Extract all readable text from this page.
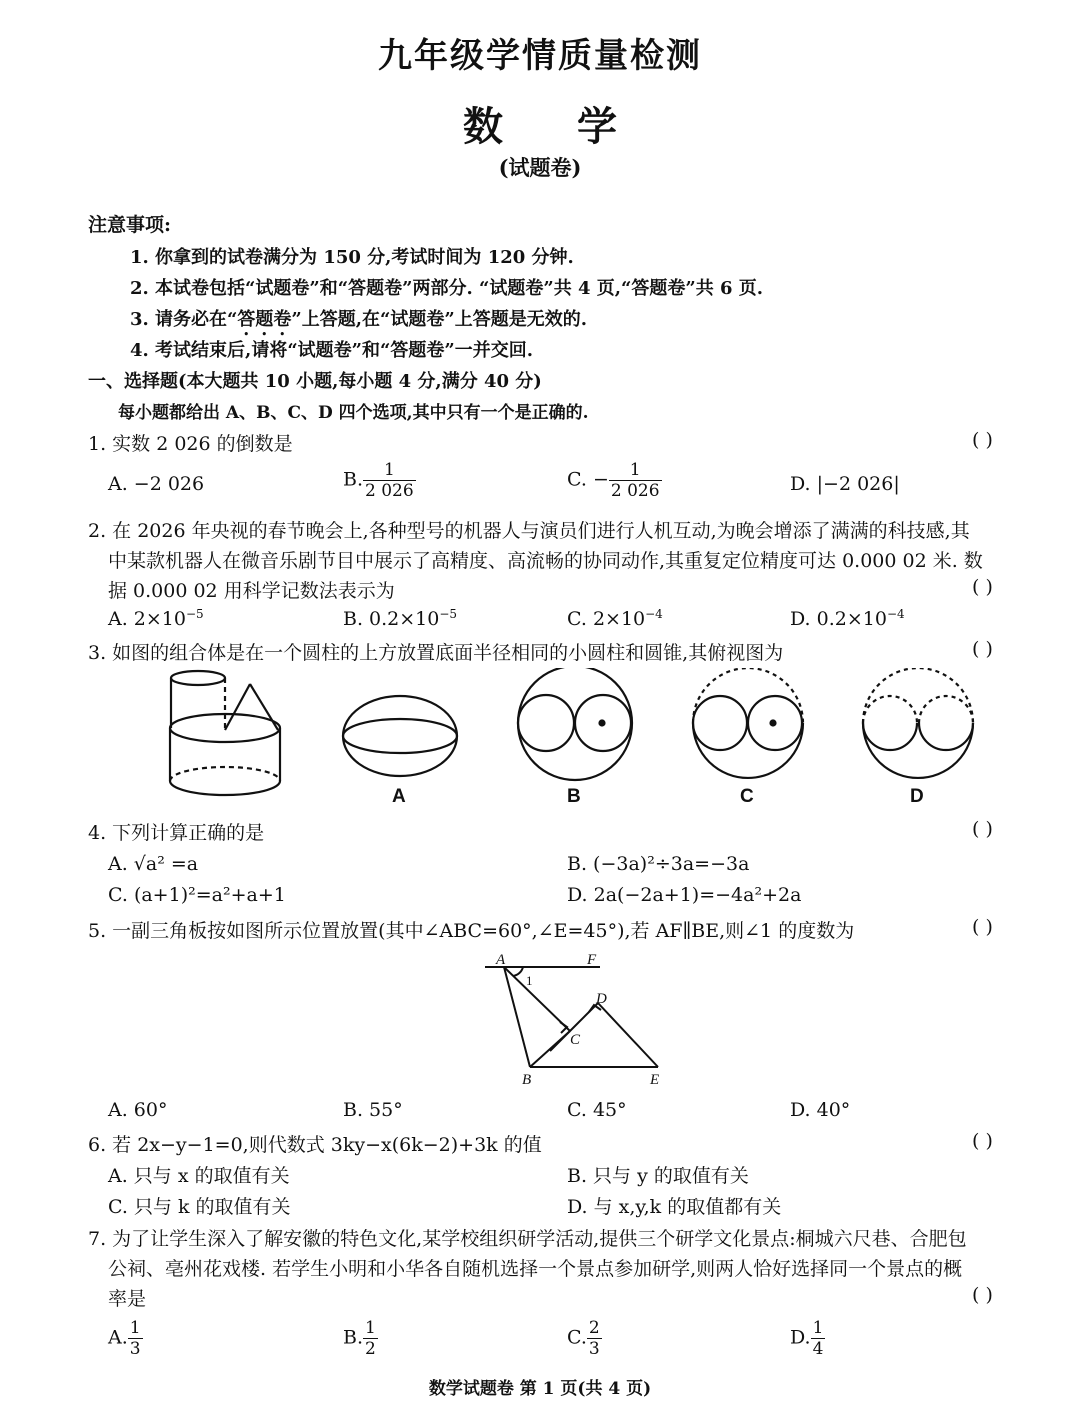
九年级学情质量检测
数 学
(试题卷)
注意事项:
1. 你拿到的试卷满分为 150 分,考试时间为 120 分钟.
2. 本试卷包括“试题卷”和“答题卷”两部分. “试题卷”共 4 页,“答题卷”共 6 页.
3. 请务必在“答题卷”上答题,在“试题卷”上答题是无效的.
4. 考试结束后,请将“试题卷”和“答题卷”一并交回.
一、选择题(本大题共 10 小题,每小题 4 分,满分 40 分)
每小题都给出 A、B、C、D 四个选项,其中只有一个是正确的.
1. 实数 2 026 的倒数是	( )
A. −2 026	B. $\frac{1}{2 026}$	C. − $\frac{1}{2 026}$	D. |−2 026|
2. 在 2026 年央视的春节晚会上,各种型号的机器人与演员们进行人机互动,为晚会增添了满满的科技感,其
中某款机器人在微音乐剧节目中展示了高精度、高流畅的协同动作,其重复定位精度可达 0.000 02 米. 数
据 0.000 02 用科学记数法表示为	( )
A. $2\times 10^{-5}$	B. $0.2\times 10^{-5}$	C. $2\times 10^{-4}$	D. $0.2\times 10^{-4}$
3. 如图的组合体是在一个圆柱的上方放置底面半径相同的小圆柱和圆锥,其俯视图为	( )
A	B	C	D
4. 下列计算正确的是	( )
A. √a² =a	B. (−3a)²÷3a=−3a
C. (a+1)²=a²+a+1	D. 2a(−2a+1)=−4a²+2a
5. 一副三角板按如图所示位置放置(其中∠ABC=60°,∠E=45°),若 AF∥BE,则∠1 的度数为	( )
A	F
1
D
C
B	E
A. 60°	B. 55°	C. 45°	D. 40°
6. 若 2x−y−1=0,则代数式 3ky−x(6k−2)+3k 的值	( )
A. 只与 x 的取值有关	B. 只与 y 的取值有关
C. 只与 k 的取值有关	D. 与 x,y,k 的取值都有关
7. 为了让学生深入了解安徽的特色文化,某学校组织研学活动,提供三个研学文化景点:桐城六尺巷、合肥包
公祠、亳州花戏楼. 若学生小明和小华各自随机选择一个景点参加研学,则两人恰好选择同一个景点的概
率是	( )
A. $\frac{1}{3}$	B. $\frac{1}{2}$	C. $\frac{2}{3}$	D. $\frac{1}{4}$
数学试题卷 第 1 页(共 4 页)
